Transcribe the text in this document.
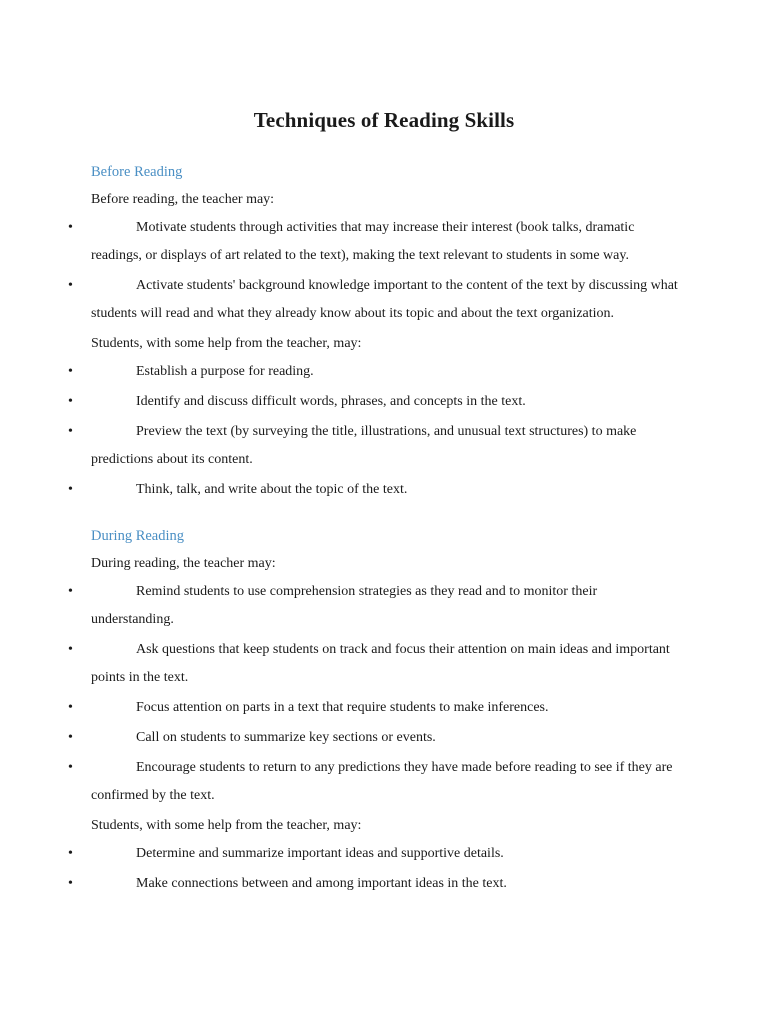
Techniques of Reading Skills
Before Reading

Before reading, the teacher may:

•	Motivate students through activities that may increase their interest (book talks, dramatic readings, or displays of art related to the text), making the text relevant to students in some way.
•	Activate students' background knowledge important to the content of the text by discussing what students will read and what they already know about its topic and about the text organization.

Students, with some help from the teacher, may:

•	Establish a purpose for reading.
•	Identify and discuss difficult words, phrases, and concepts in the text.
•	Preview the text (by surveying the title, illustrations, and unusual text structures) to make predictions about its content.
•	Think, talk, and write about the topic of the text.
During Reading

During reading, the teacher may:

•	Remind students to use comprehension strategies as they read and to monitor their understanding.
•	Ask questions that keep students on track and focus their attention on main ideas and important points in the text.
•	Focus attention on parts in a text that require students to make inferences.
•	Call on students to summarize key sections or events.
•	Encourage students to return to any predictions they have made before reading to see if they are confirmed by the text.

Students, with some help from the teacher, may:

•	Determine and summarize important ideas and supportive details.
•	Make connections between and among important ideas in the text.
